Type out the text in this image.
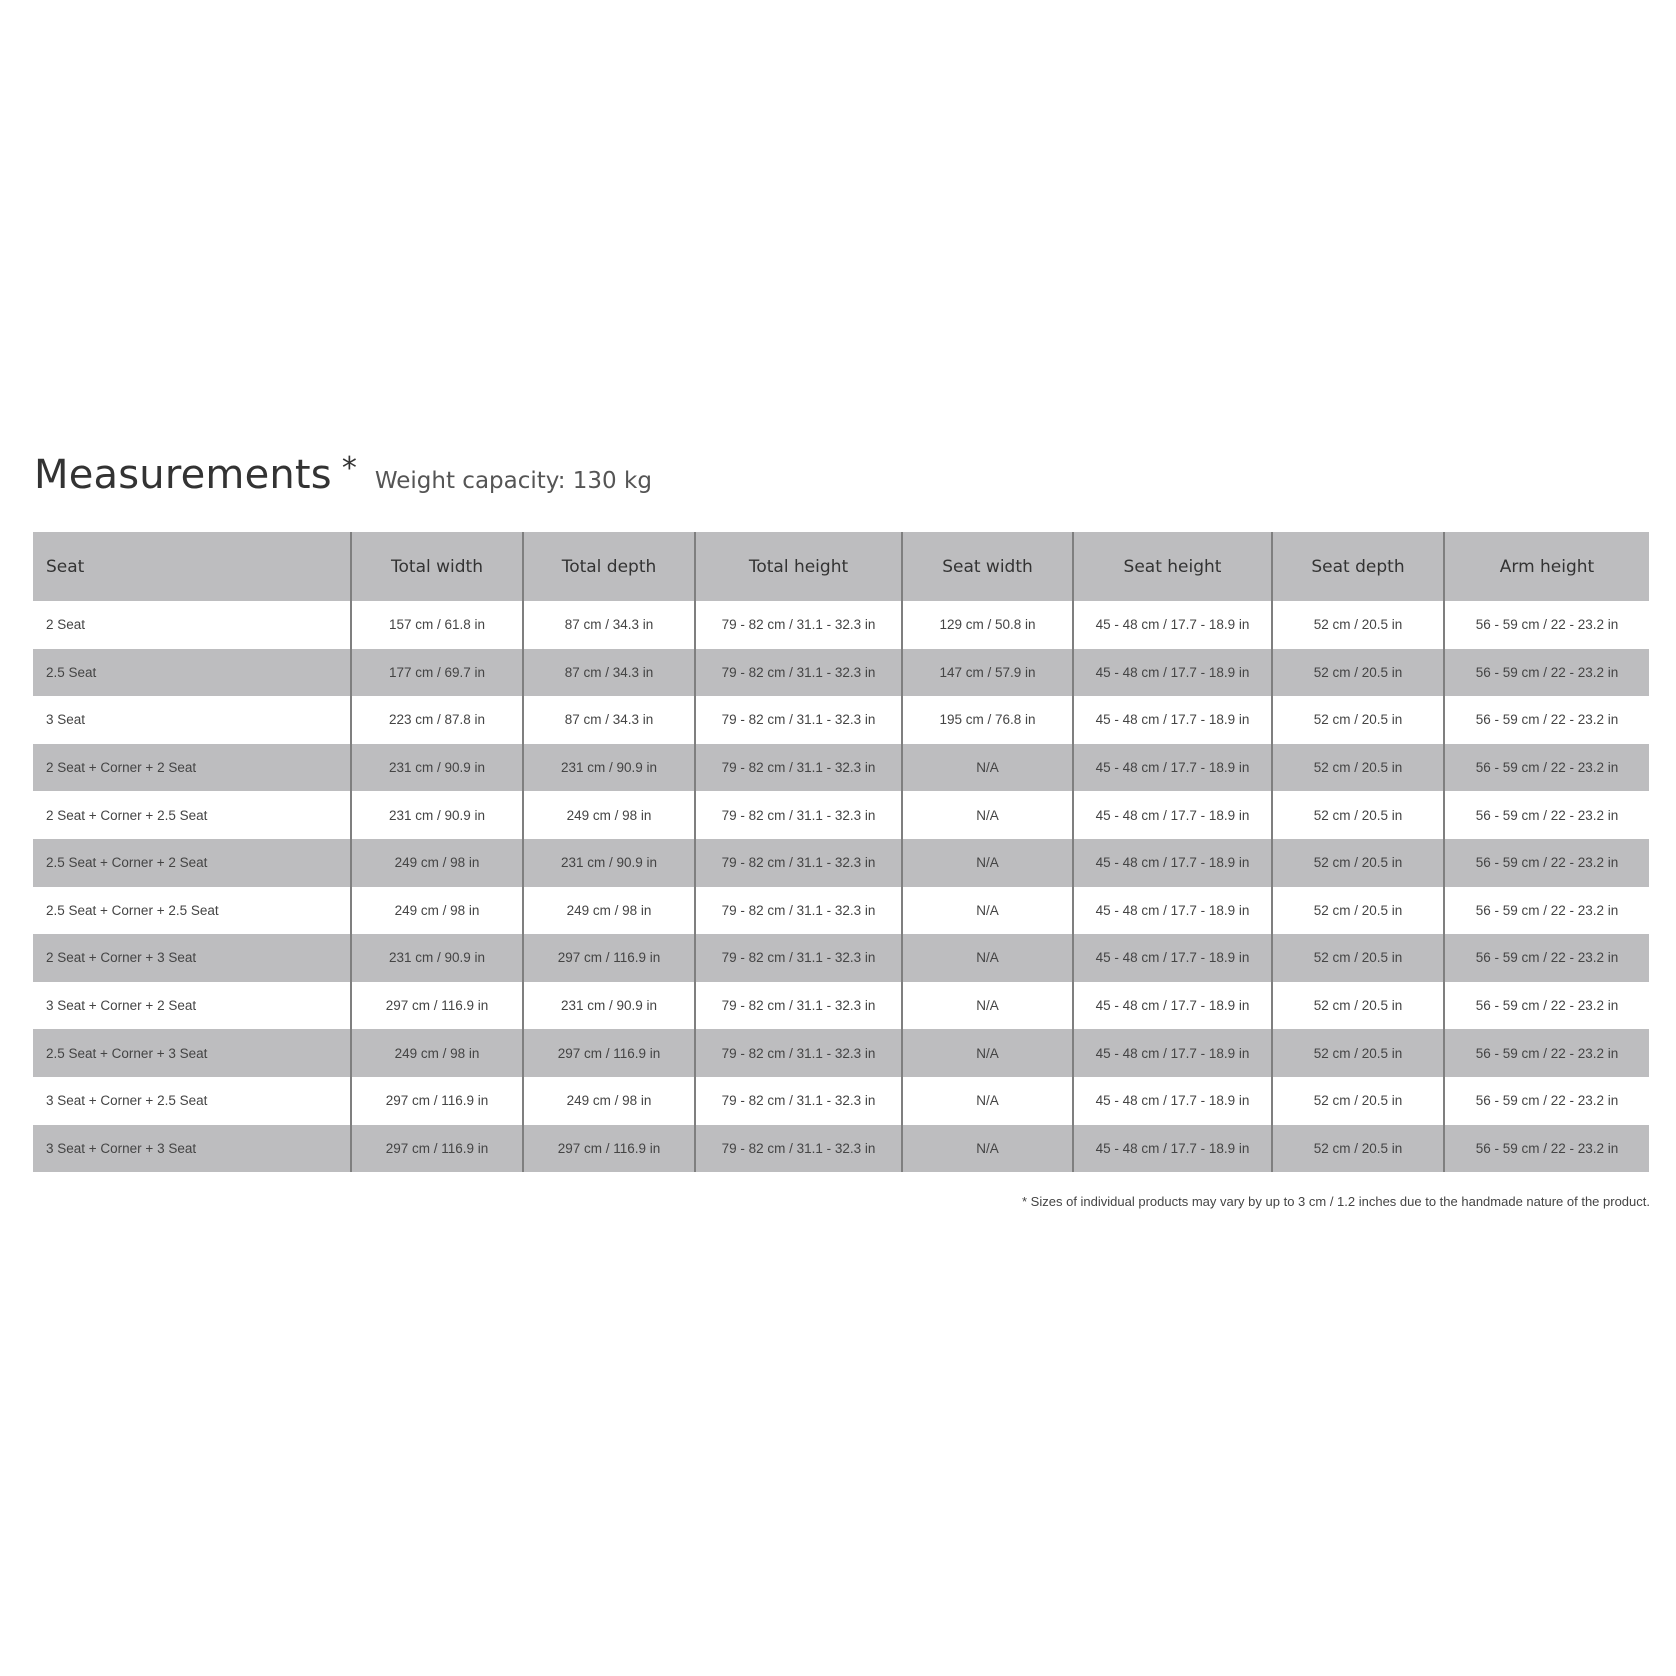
Measurements * Weight capacity: 130 kg
Seat	Total width	Total depth	Total height	Seat width	Seat height	Seat depth	Arm height
2 Seat	157 cm / 61.8 in	87 cm / 34.3 in	79 - 82 cm / 31.1 - 32.3 in	129 cm / 50.8 in	45 - 48 cm / 17.7 - 18.9 in	52 cm / 20.5 in	56 - 59 cm / 22 - 23.2 in
2.5 Seat	177 cm / 69.7 in	87 cm / 34.3 in	79 - 82 cm / 31.1 - 32.3 in	147 cm / 57.9 in	45 - 48 cm / 17.7 - 18.9 in	52 cm / 20.5 in	56 - 59 cm / 22 - 23.2 in
3 Seat	223 cm / 87.8 in	87 cm / 34.3 in	79 - 82 cm / 31.1 - 32.3 in	195 cm / 76.8 in	45 - 48 cm / 17.7 - 18.9 in	52 cm / 20.5 in	56 - 59 cm / 22 - 23.2 in
2 Seat + Corner + 2 Seat	231 cm / 90.9 in	231 cm / 90.9 in	79 - 82 cm / 31.1 - 32.3 in	N/A	45 - 48 cm / 17.7 - 18.9 in	52 cm / 20.5 in	56 - 59 cm / 22 - 23.2 in
2 Seat + Corner + 2.5 Seat	231 cm / 90.9 in	249 cm / 98 in	79 - 82 cm / 31.1 - 32.3 in	N/A	45 - 48 cm / 17.7 - 18.9 in	52 cm / 20.5 in	56 - 59 cm / 22 - 23.2 in
2.5 Seat + Corner + 2 Seat	249 cm / 98 in	231 cm / 90.9 in	79 - 82 cm / 31.1 - 32.3 in	N/A	45 - 48 cm / 17.7 - 18.9 in	52 cm / 20.5 in	56 - 59 cm / 22 - 23.2 in
2.5 Seat + Corner + 2.5 Seat	249 cm / 98 in	249 cm / 98 in	79 - 82 cm / 31.1 - 32.3 in	N/A	45 - 48 cm / 17.7 - 18.9 in	52 cm / 20.5 in	56 - 59 cm / 22 - 23.2 in
2 Seat + Corner + 3 Seat	231 cm / 90.9 in	297 cm / 116.9 in	79 - 82 cm / 31.1 - 32.3 in	N/A	45 - 48 cm / 17.7 - 18.9 in	52 cm / 20.5 in	56 - 59 cm / 22 - 23.2 in
3 Seat + Corner + 2 Seat	297 cm / 116.9 in	231 cm / 90.9 in	79 - 82 cm / 31.1 - 32.3 in	N/A	45 - 48 cm / 17.7 - 18.9 in	52 cm / 20.5 in	56 - 59 cm / 22 - 23.2 in
2.5 Seat + Corner + 3 Seat	249 cm / 98 in	297 cm / 116.9 in	79 - 82 cm / 31.1 - 32.3 in	N/A	45 - 48 cm / 17.7 - 18.9 in	52 cm / 20.5 in	56 - 59 cm / 22 - 23.2 in
3 Seat + Corner + 2.5 Seat	297 cm / 116.9 in	249 cm / 98 in	79 - 82 cm / 31.1 - 32.3 in	N/A	45 - 48 cm / 17.7 - 18.9 in	52 cm / 20.5 in	56 - 59 cm / 22 - 23.2 in
3 Seat + Corner + 3 Seat	297 cm / 116.9 in	297 cm / 116.9 in	79 - 82 cm / 31.1 - 32.3 in	N/A	45 - 48 cm / 17.7 - 18.9 in	52 cm / 20.5 in	56 - 59 cm / 22 - 23.2 in
* Sizes of individual products may vary by up to 3 cm / 1.2 inches due to the handmade nature of the product.
